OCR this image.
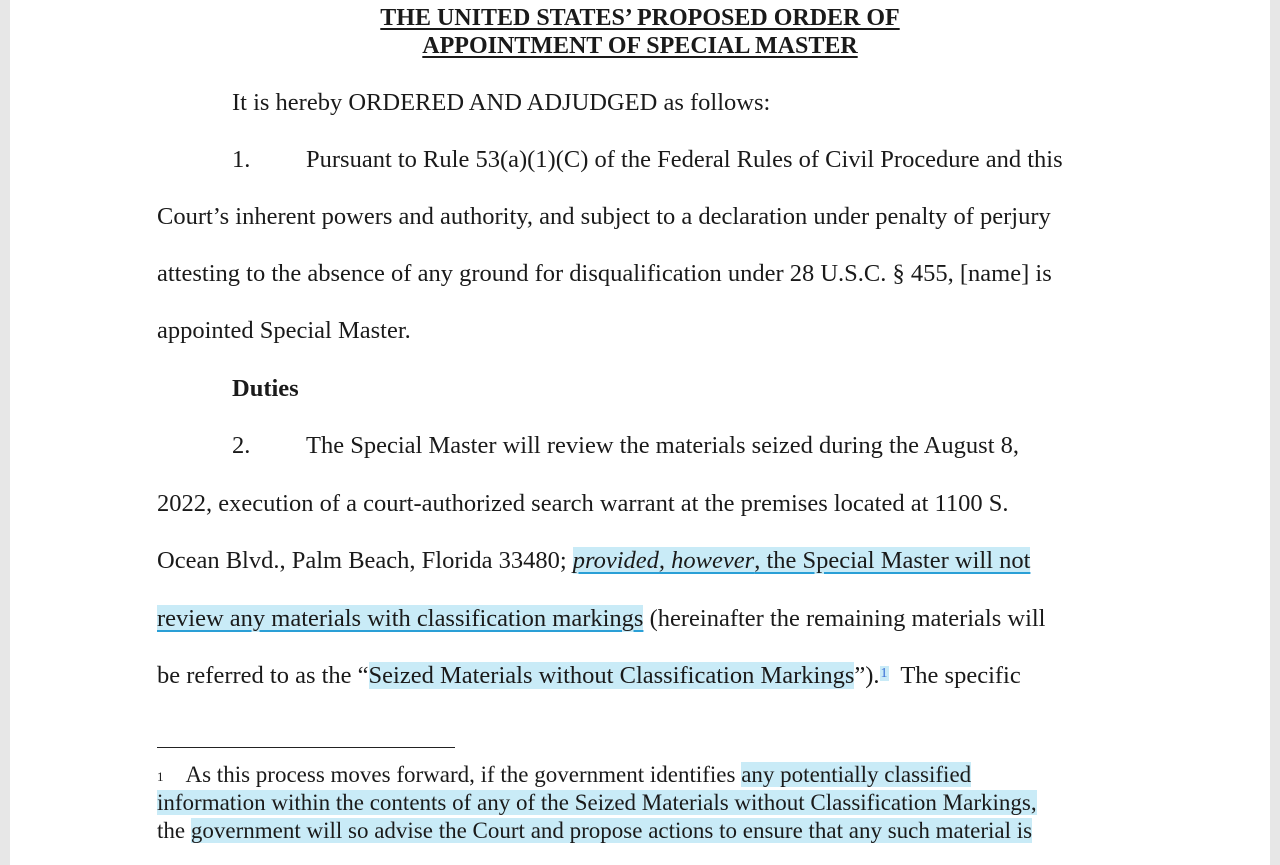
THE UNITED STATES’ PROPOSED ORDER OF
APPOINTMENT OF SPECIAL MASTER
It is hereby ORDERED AND ADJUDGED as follows:
1. Pursuant to Rule 53(a)(1)(C) of the Federal Rules of Civil Procedure and this
Court’s inherent powers and authority, and subject to a declaration under penalty of perjury
attesting to the absence of any ground for disqualification under 28 U.S.C. § 455, [name] is
appointed Special Master.
Duties
2. The Special Master will review the materials seized during the August 8,
2022, execution of a court-authorized search warrant at the premises located at 1100 S.
Ocean Blvd., Palm Beach, Florida 33480; provided, however, the Special Master will not
review any materials with classification markings (hereinafter the remaining materials will
be referred to as the “Seized Materials without Classification Markings”).$^1$  The specific
$^1$ As this process moves forward, if the government identifies any potentially classified
information within the contents of any of the Seized Materials without Classification Markings,
the government will so advise the Court and propose actions to ensure that any such material is
